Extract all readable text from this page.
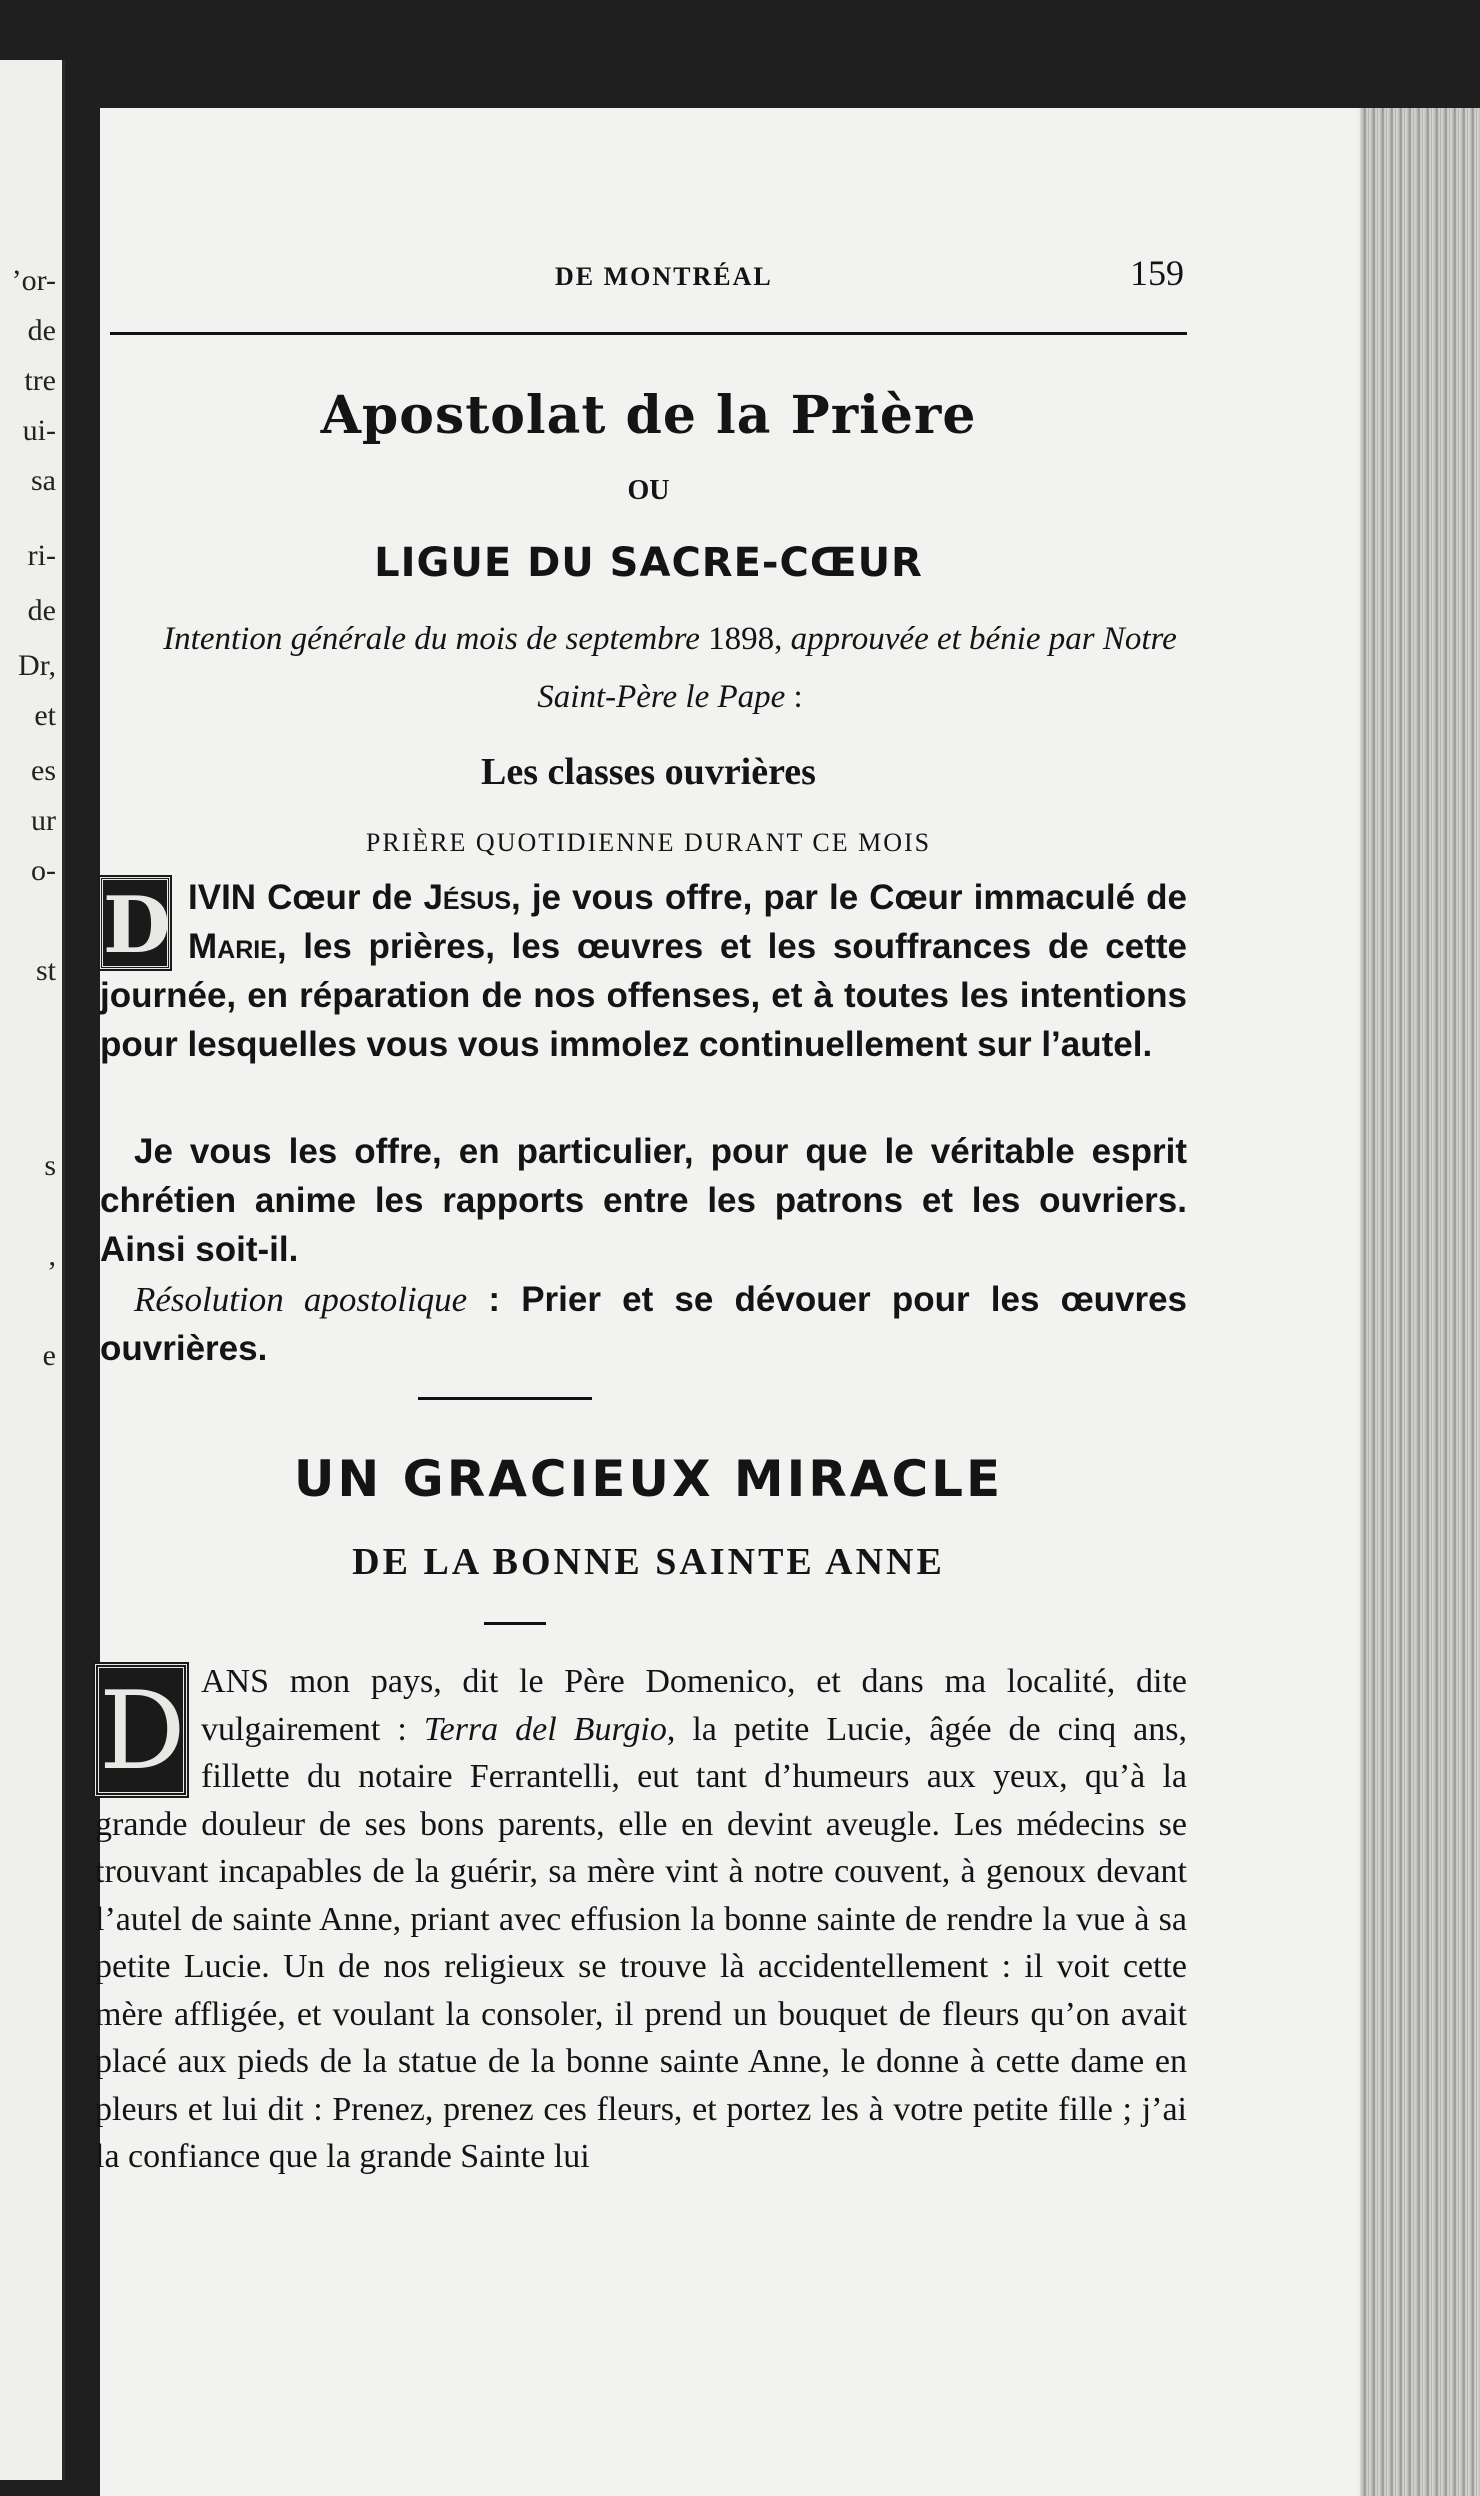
’or-
de
tre
ui-
sa
ri-
de
Dr,
et
es
ur
o-
st
s
,
e
DE MONTRÉAL	159
Apostolat de la Prière
OU
LIGUE DU SACRE-CŒUR
Intention générale du mois de septembre 1898, approuvée et bénie par Notre Saint-Père le Pape :
Les classes ouvrières
PRIÈRE QUOTIDIENNE DURANT CE MOIS
D IVIN Cœur de Jésus, je vous offre, par le Cœur immaculé de Marie, les prières, les œuvres et les souffrances de cette journée, en réparation de nos offenses, et à toutes les intentions pour lesquelles vous vous immolez continuellement sur l’autel.
Je vous les offre, en particulier, pour que le véritable esprit chrétien anime les rapports entre les patrons et les ouvriers. Ainsi soit-il.
Résolution apostolique : Prier et se dévouer pour les œuvres ouvrières.
UN GRACIEUX MIRACLE
DE LA BONNE SAINTE ANNE
D ANS mon pays, dit le Père Domenico, et dans ma localité, dite vulgairement : Terra del Burgio, la petite Lucie, âgée de cinq ans, fillette du notaire Ferrantelli, eut tant d’humeurs aux yeux, qu’à la grande douleur de ses bons parents, elle en devint aveugle. Les médecins se trouvant incapables de la guérir, sa mère vint à notre couvent, à genoux devant l’autel de sainte Anne, priant avec effusion la bonne sainte de rendre la vue à sa petite Lucie. Un de nos religieux se trouve là accidentellement : il voit cette mère affligée, et voulant la consoler, il prend un bouquet de fleurs qu’on avait placé aux pieds de la statue de la bonne sainte Anne, le donne à cette dame en pleurs et lui dit : Prenez, prenez ces fleurs, et portez les à votre petite fille ; j’ai la confiance que la grande Sainte lui
